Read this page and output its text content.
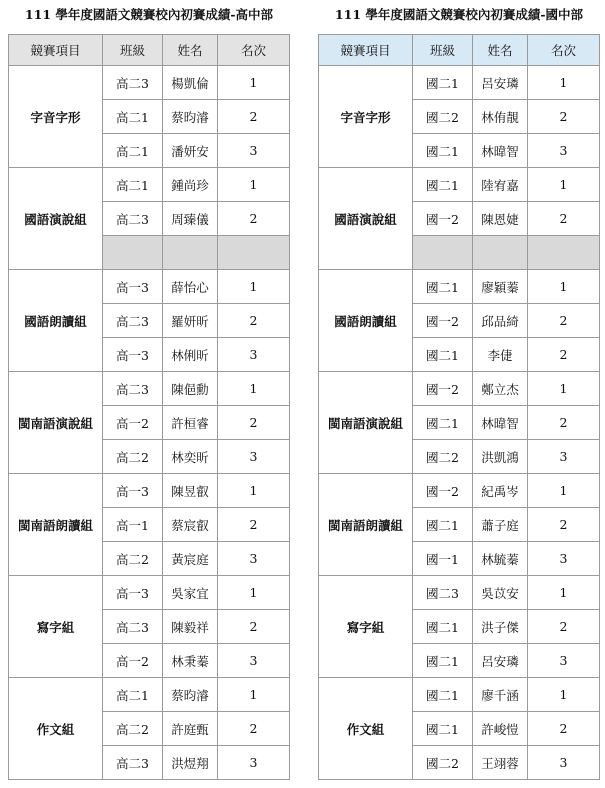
111 學年度國語文競賽校內初賽成績-高中部
競賽項目	班級	姓名	名次
字音字形	高二3	楊凱倫	1
	高二1	蔡昀濬	2
	高二1	潘妍安	3
國語演說組	高二1	鍾尚珍	1
	高二3	周臻儀	2

國語朗讀組	高一3	薛怡心	1
	高二3	羅妍昕	2
	高一3	林俐昕	3
閩南語演說組	高二3	陳俋勳	1
	高一2	許桓睿	2
	高二2	林奕昕	3
閩南語朗讀組	高一3	陳昱叡	1
	高一1	蔡宸叡	2
	高二2	黃宸庭	3
寫字組	高一3	吳家宜	1
	高二3	陳毅祥	2
	高一2	林秉蓁	3
作文組	高二1	蔡昀濬	1
	高二2	許庭甄	2
	高二3	洪煜翔	3
111 學年度國語文競賽校內初賽成績-國中部
競賽項目	班級	姓名	名次
字音字形	國二1	呂安璘	1
	國二2	林侑靚	2
	國二1	林暐智	3
國語演說組	國二1	陸宥嘉	1
	國一2	陳恩婕	2

國語朗讀組	國二1	廖穎蓁	1
	國一2	邱品綺	2
	國二1	李倢	2
閩南語演說組	國一2	鄭立杰	1
	國二1	林暐智	2
	國二2	洪凱鴻	3
閩南語朗讀組	國一2	紀禹岑	1
	國二1	蕭子庭	2
	國一1	林毓蓁	3
寫字組	國二3	吳苡安	1
	國二1	洪子傑	2
	國二1	呂安璘	3
作文組	國二1	廖千涵	1
	國二1	許峻愷	2
	國二2	王翊蓉	3
